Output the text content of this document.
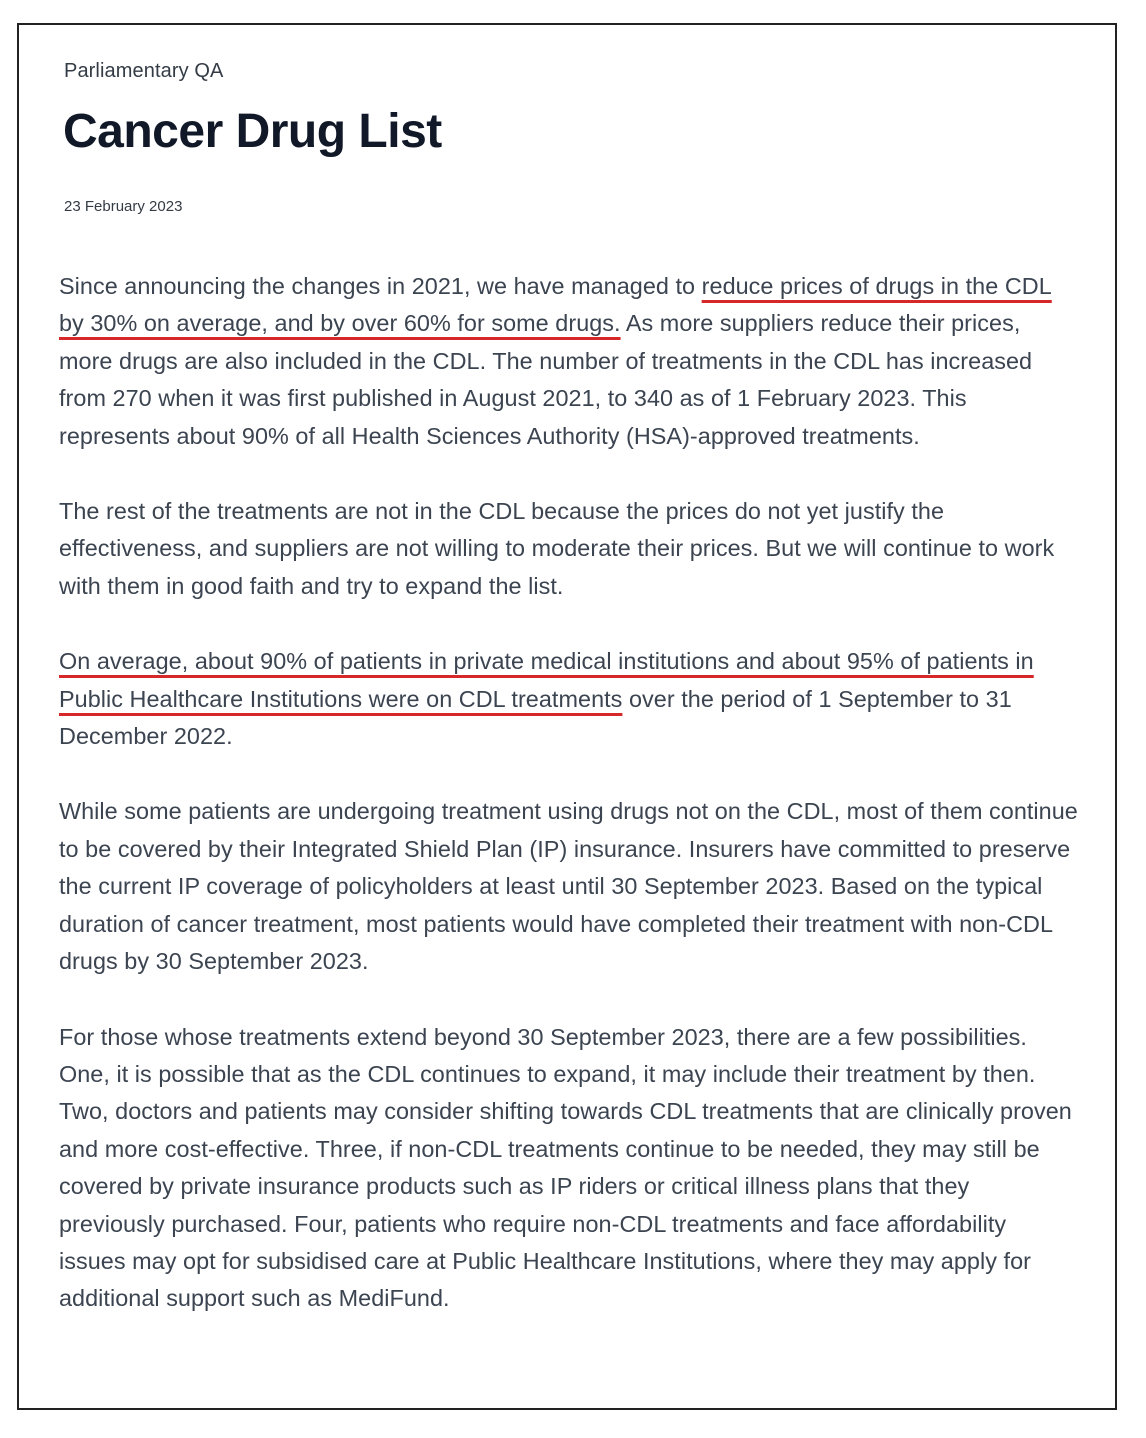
Parliamentary QA
Cancer Drug List
23 February 2023

Since announcing the changes in 2021, we have managed to reduce prices of drugs in the CDL by 30% on average, and by over 60% for some drugs. As more suppliers reduce their prices, more drugs are also included in the CDL. The number of treatments in the CDL has increased from 270 when it was first published in August 2021, to 340 as of 1 February 2023. This represents about 90% of all Health Sciences Authority (HSA)-approved treatments.

The rest of the treatments are not in the CDL because the prices do not yet justify the effectiveness, and suppliers are not willing to moderate their prices. But we will continue to work with them in good faith and try to expand the list.

On average, about 90% of patients in private medical institutions and about 95% of patients in Public Healthcare Institutions were on CDL treatments over the period of 1 September to 31 December 2022.

While some patients are undergoing treatment using drugs not on the CDL, most of them continue to be covered by their Integrated Shield Plan (IP) insurance. Insurers have committed to preserve the current IP coverage of policyholders at least until 30 September 2023. Based on the typical duration of cancer treatment, most patients would have completed their treatment with non-CDL drugs by 30 September 2023.

For those whose treatments extend beyond 30 September 2023, there are a few possibilities. One, it is possible that as the CDL continues to expand, it may include their treatment by then. Two, doctors and patients may consider shifting towards CDL treatments that are clinically proven and more cost-effective. Three, if non-CDL treatments continue to be needed, they may still be covered by private insurance products such as IP riders or critical illness plans that they previously purchased. Four, patients who require non-CDL treatments and face affordability issues may opt for subsidised care at Public Healthcare Institutions, where they may apply for additional support such as MediFund.
